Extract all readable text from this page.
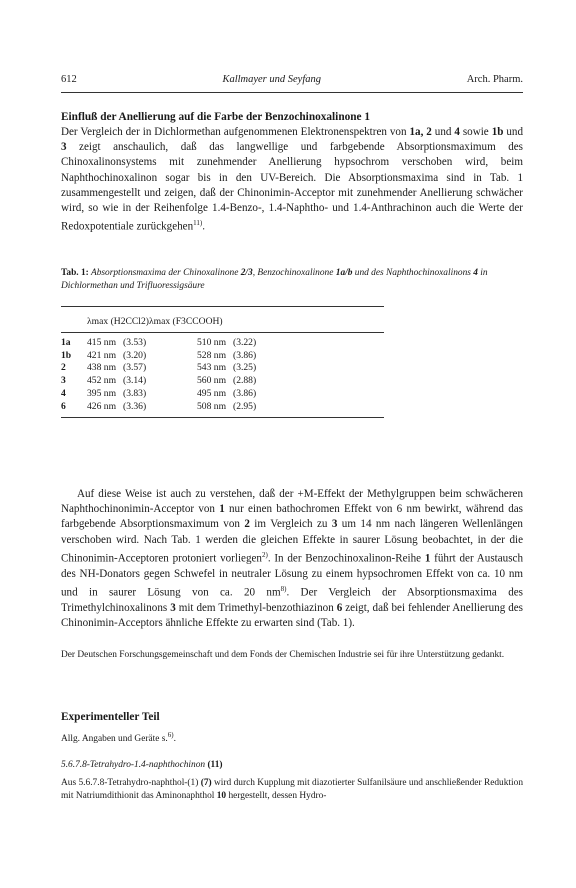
612	Kallmayer und Seyfang	Arch. Pharm.
Einfluß der Anellierung auf die Farbe der Benzochinoxalinone 1

Der Vergleich der in Dichlormethan aufgenommenen Elektronenspektren von 1a, 2 und 4 sowie 1b und 3 zeigt anschaulich, daß das langwellige und farbgebende Absorptionsmaximum des Chinoxalinonsystems mit zunehmender Anellierung hypsochrom verschoben wird, beim Naphthochinoxalinon sogar bis in den UV-Bereich. Die Absorptionsmaxima sind in Tab. 1 zusammengestellt und zeigen, daß der Chinonimin-Acceptor mit zunehmender Anellierung schwächer wird, so wie in der Reihenfolge 1.4-Benzo-, 1.4-Naphtho- und 1.4-Anthrachinon auch die Werte der Redoxpotentiale zurückgehen$^{11)}$.

Tab. 1: Absorptionsmaxima der Chinoxalinone 2/3, Benzochinoxalinone 1a/b und des Naphthochinoxalinons 4 in Dichlormethan und Trifluoressigsäure
	λmax (H2CCl2)	λmax (F3CCOOH)
1a	415 nm	(3.53)	510 nm	(3.22)
1b	421 nm	(3.20)	528 nm	(3.86)
2	438 nm	(3.57)	543 nm	(3.25)
3	452 nm	(3.14)	560 nm	(2.88)
4	395 nm	(3.83)	495 nm	(3.86)
6	426 nm	(3.36)	508 nm	(2.95)

Auf diese Weise ist auch zu verstehen, daß der +M-Effekt der Methylgruppen beim schwächeren Naphthochinonimin-Acceptor von 1 nur einen bathochromen Effekt von 6 nm bewirkt, während das farbgebende Absorptionsmaximum von 2 im Vergleich zu 3 um 14 nm nach längeren Wellenlängen verschoben wird. Nach Tab. 1 werden die gleichen Effekte in saurer Lösung beobachtet, in der die Chinonimin-Acceptoren protoniert vorliegen$^{2)}$. In der Benzochinoxalinon-Reihe 1 führt der Austausch des NH-Donators gegen Schwefel in neutraler Lösung zu einem hypsochromen Effekt von ca. 10 nm und in saurer Lösung von ca. 20 $nm^{8)}$. Der Vergleich der Absorptionsmaxima des Trimethylchinoxalinons 3 mit dem Trimethyl-benzothiazinon 6 zeigt, daß bei fehlender Anellierung des Chinonimin-Acceptors ähnliche Effekte zu erwarten sind (Tab. 1).

Der Deutschen Forschungsgemeinschaft und dem Fonds der Chemischen Industrie sei für ihre Unterstützung gedankt.

Experimenteller Teil

Allg. Angaben und Geräte s.$^{6)}$.

5.6.7.8-Tetrahydro-1.4-naphthochinon (11)

Aus 5.6.7.8-Tetrahydro-naphthol-(1) (7) wird durch Kupplung mit diazotierter Sulfanilsäure und anschließender Reduktion mit Natriumdithionit das Aminonaphthol 10 hergestellt, dessen Hydro-
